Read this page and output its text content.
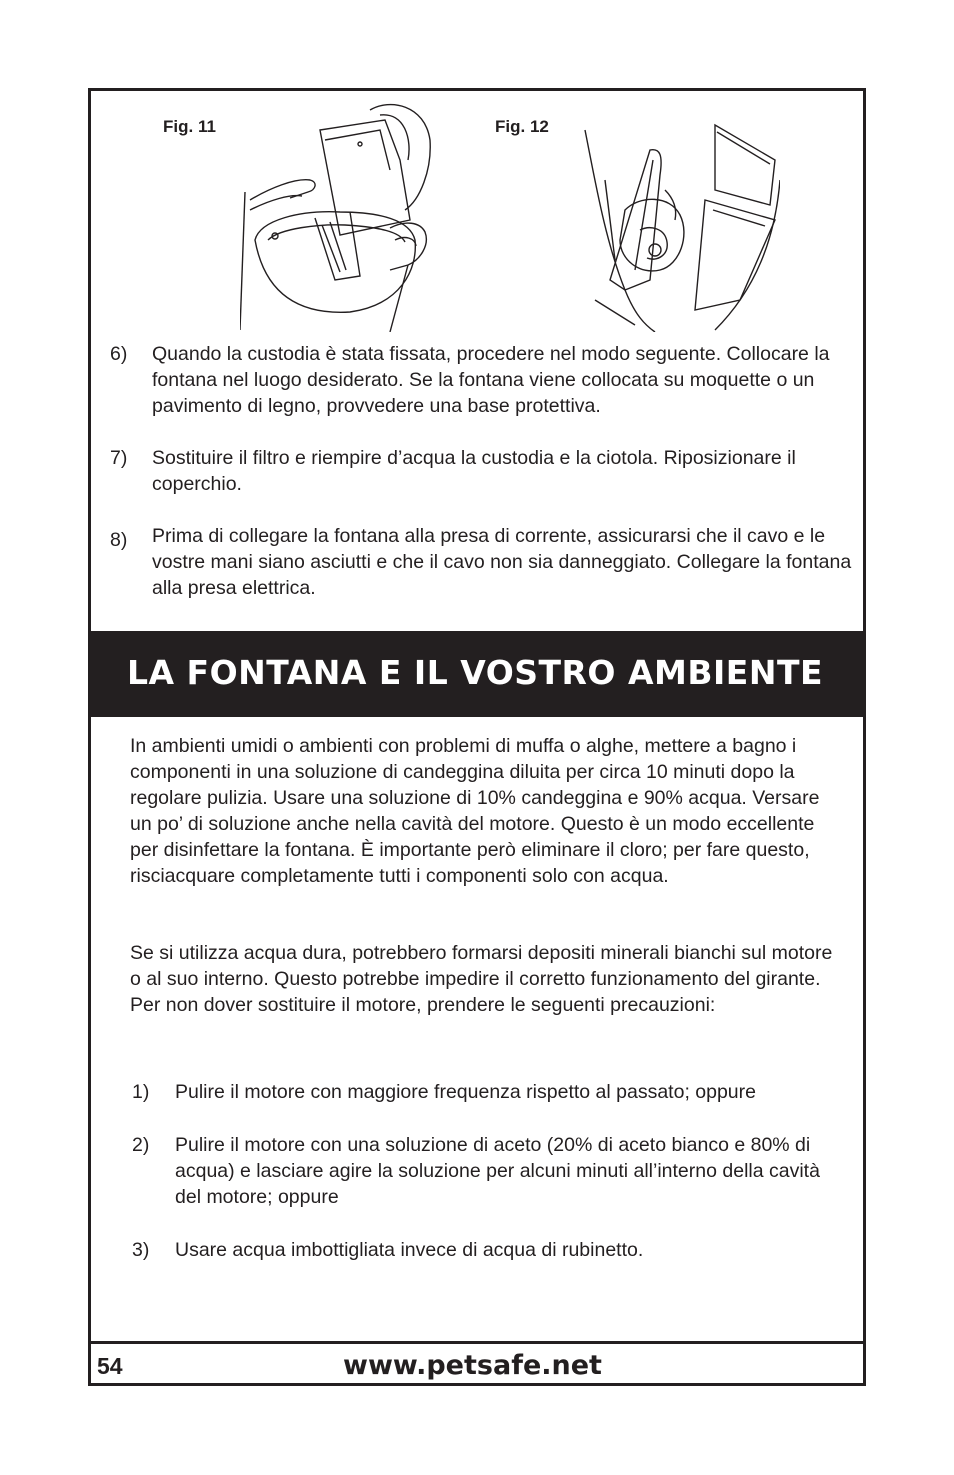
Fig. 11	Fig. 12
6) Quando la custodia è stata fissata, procedere nel modo seguente. Collocare la fontana nel luogo desiderato. Se la fontana viene collocata su moquette o un pavimento di legno, provvedere una base protettiva.
7) Sostituire il filtro e riempire d’acqua la custodia e la ciotola. Riposizionare il coperchio.
8) Prima di collegare la fontana alla presa di corrente, assicurarsi che il cavo e le vostre mani siano asciutti e che il cavo non sia danneggiato. Collegare la fontana alla presa elettrica.
LA FONTANA E IL VOSTRO AMBIENTE

In ambienti umidi o ambienti con problemi di muffa o alghe, mettere a bagno i componenti in una soluzione di candeggina diluita per circa 10 minuti dopo la regolare pulizia. Usare una soluzione di 10% candeggina e 90% acqua. Versare un po’ di soluzione anche nella cavità del motore. Questo è un modo eccellente per disinfettare la fontana. È importante però eliminare il cloro; per fare questo, risciacquare completamente tutti i componenti solo con acqua.

Se si utilizza acqua dura, potrebbero formarsi depositi minerali bianchi sul motore o al suo interno. Questo potrebbe impedire il corretto funzionamento del girante. Per non dover sostituire il motore, prendere le seguenti precauzioni:

1) Pulire il motore con maggiore frequenza rispetto al passato; oppure
2) Pulire il motore con una soluzione di aceto (20% di aceto bianco e 80% di acqua) e lasciare agire la soluzione per alcuni minuti all’interno della cavità del motore; oppure
3) Usare acqua imbottigliata invece di acqua di rubinetto.
54	www.petsafe.net
